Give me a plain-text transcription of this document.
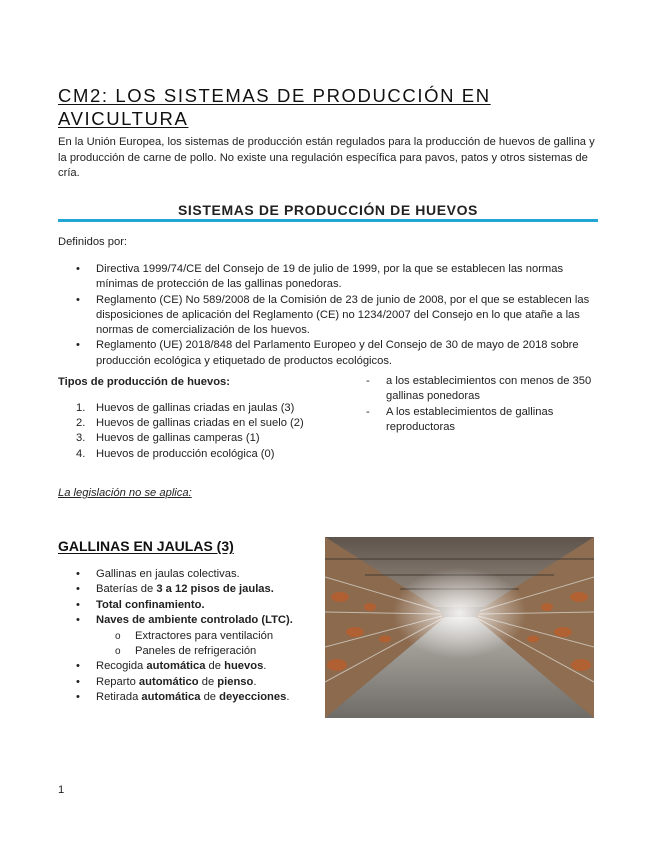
CM2: LOS SISTEMAS DE PRODUCCIÓN EN AVICULTURA
En la Unión Europea, los sistemas de producción están regulados para la producción de huevos de gallina y la producción de carne de pollo. No existe una regulación específica para pavos, patos y otros sistemas de cría.
SISTEMAS DE PRODUCCIÓN DE HUEVOS
Definidos por:
• Directiva 1999/74/CE del Consejo de 19 de julio de 1999, por la que se establecen las normas mínimas de protección de las gallinas ponedoras.
• Reglamento (CE) No 589/2008 de la Comisión de 23 de junio de 2008, por el que se establecen las disposiciones de aplicación del Reglamento (CE) no 1234/2007 del Consejo en lo que atañe a las normas de comercialización de los huevos.
• Reglamento (UE) 2018/848 del Parlamento Europeo y del Consejo de 30 de mayo de 2018 sobre producción ecológica y etiquetado de productos ecológicos.
Tipos de producción de huevos:
1. Huevos de gallinas criadas en jaulas (3)
2. Huevos de gallinas criadas en el suelo (2)
3. Huevos de gallinas camperas (1)
4. Huevos de producción ecológica (0)
- a los establecimientos con menos de 350 gallinas ponedoras
- A los establecimientos de gallinas reproductoras
La legislación no se aplica:
GALLINAS EN JAULAS (3)
• Gallinas en jaulas colectivas.
• Baterías de 3 a 12 pisos de jaulas.
• Total confinamiento.
• Naves de ambiente controlado (LTC).
o Extractores para ventilación
o Paneles de refrigeración
• Recogida automática de huevos.
• Reparto automático de pienso.
• Retirada automática de deyecciones.
1
